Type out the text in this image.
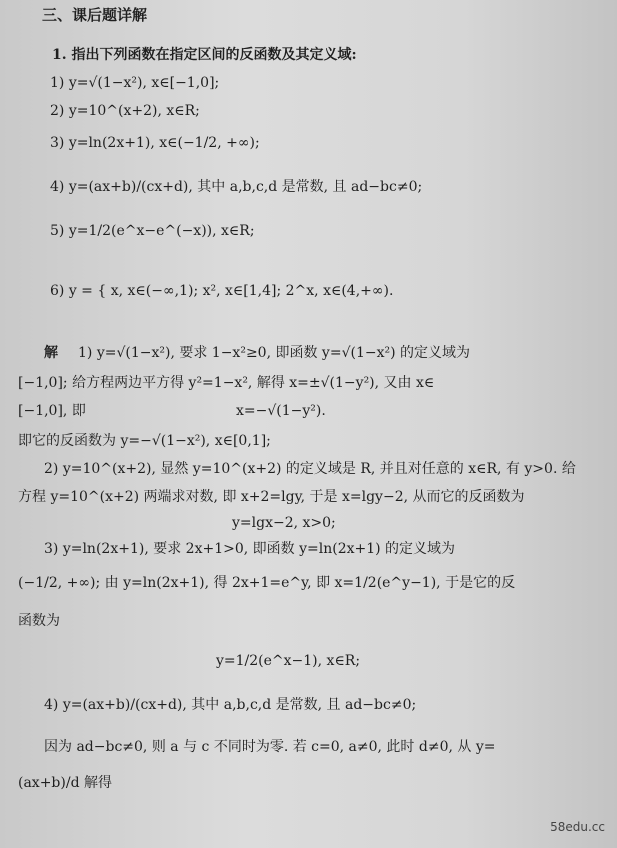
三、课后题详解
1. 指出下列函数在指定区间的反函数及其定义域:
1) y=√(1−x²), x∈[−1,0];
2) y=10^(x+2), x∈R;
3) y=ln(2x+1), x∈(−1/2, +∞);
4) y=(ax+b)/(cx+d), 其中 a,b,c,d 是常数, 且 ad−bc≠0;
5) y=1/2(e^x−e^(−x)), x∈R;
6) y = { x, x∈(−∞,1); x², x∈[1,4]; 2^x, x∈(4,+∞).
解 1) y=√(1−x²), 要求 1−x²≥0, 即函数 y=√(1−x²) 的定义域为
[−1,0]; 给方程两边平方得 y²=1−x², 解得 x=±√(1−y²), 又由 x∈
[−1,0], 即	x=−√(1−y²).
即它的反函数为 y=−√(1−x²), x∈[0,1];
2) y=10^(x+2), 显然 y=10^(x+2) 的定义域是 R, 并且对任意的 x∈R, 有 y>0. 给
方程 y=10^(x+2) 两端求对数, 即 x+2=lgy, 于是 x=lgy−2, 从而它的反函数为
y=lgx−2, x>0;
3) y=ln(2x+1), 要求 2x+1>0, 即函数 y=ln(2x+1) 的定义域为
(−1/2, +∞); 由 y=ln(2x+1), 得 2x+1=e^y, 即 x=1/2(e^y−1), 于是它的反
函数为
y=1/2(e^x−1), x∈R;
4) y=(ax+b)/(cx+d), 其中 a,b,c,d 是常数, 且 ad−bc≠0;
因为 ad−bc≠0, 则 a 与 c 不同时为零. 若 c=0, a≠0, 此时 d≠0, 从 y=
(ax+b)/d 解得
58edu.cc
